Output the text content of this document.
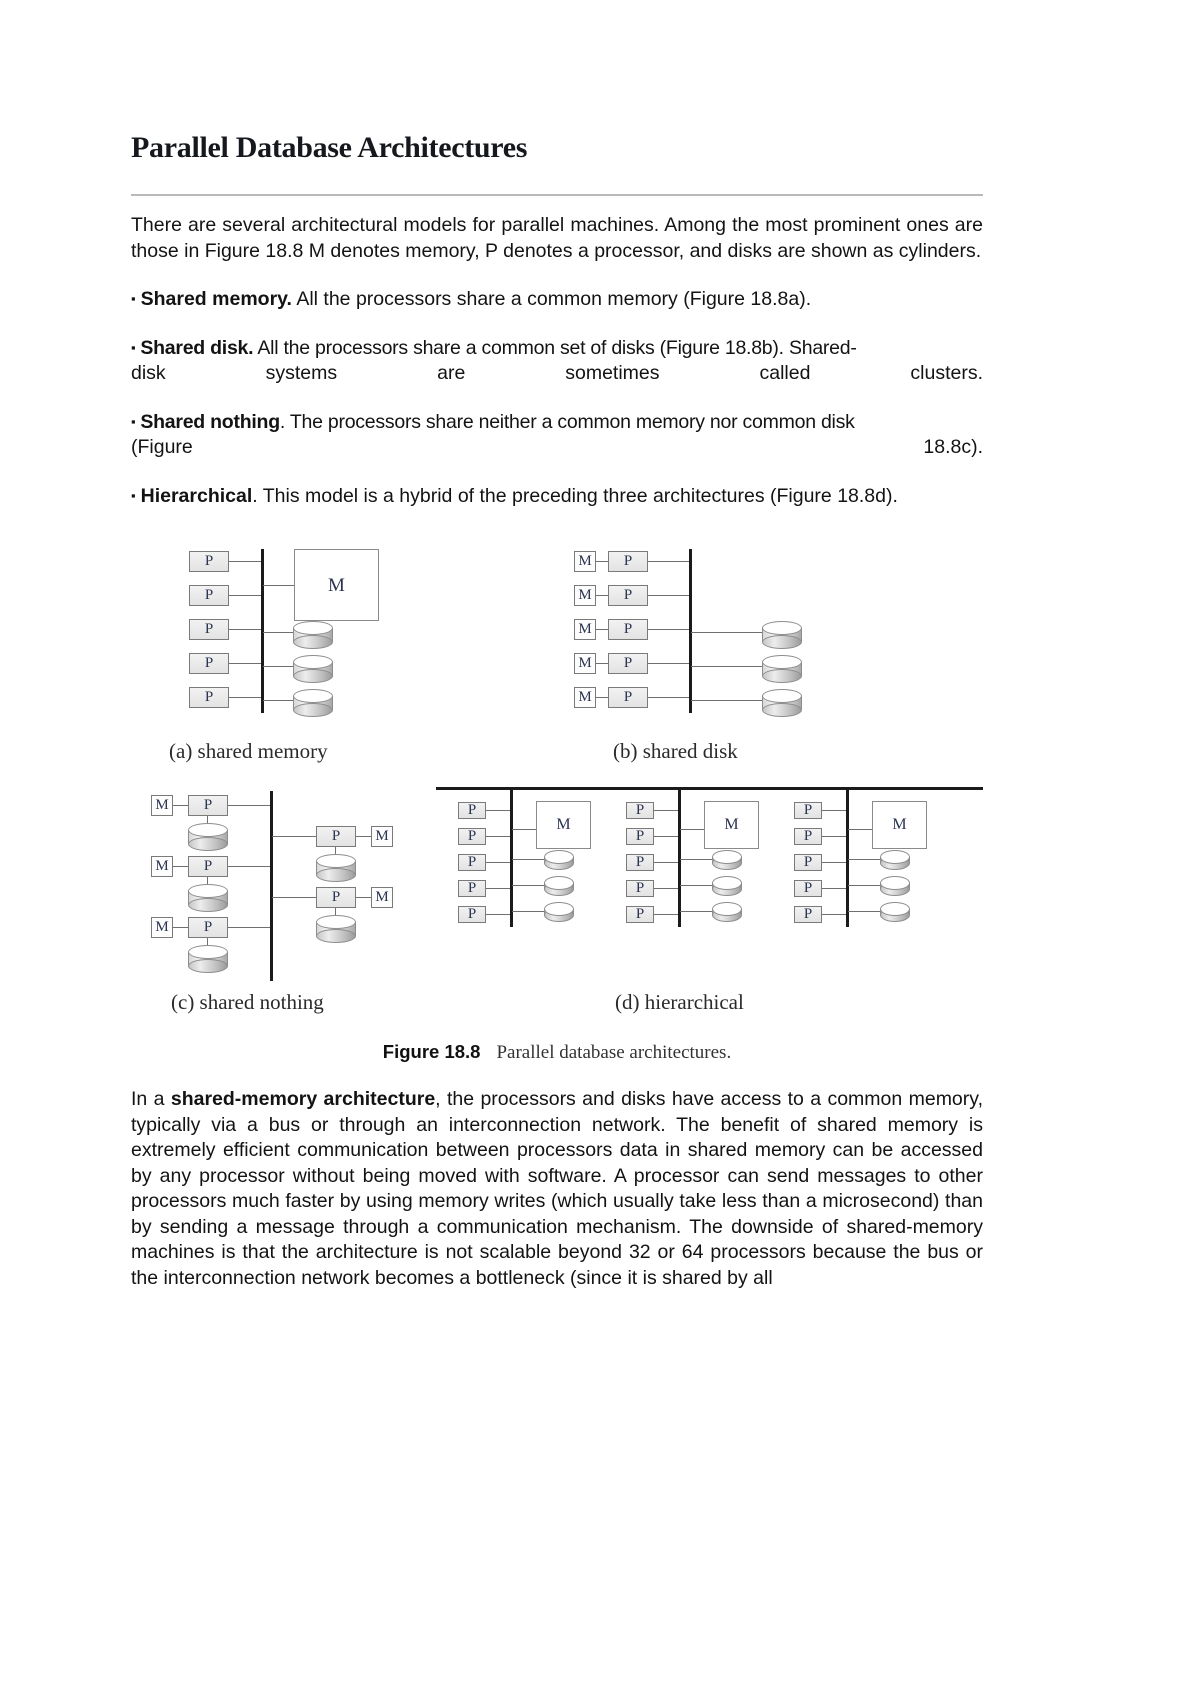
Parallel Database Architectures

There are several architectural models for parallel machines. Among the most prominent ones are those in Figure 18.8 M denotes memory, P denotes a processor, and disks are shown as cylinders.

▪ Shared memory. All the processors share a common memory (Figure 18.8a).

▪ Shared disk. All the processors share a common set of disks (Figure 18.8b). Shared-

disk	systems	are	sometimes	called	clusters.

▪ Shared nothing. The processors share neither a common memory nor common disk

(Figure	18.8c).

▪ Hierarchical. This model is a hybrid of the preceding three architectures (Figure 18.8d).

P
P
P
P
P
M
(a) shared memory
M
M
M
M
M
P
P
P
P
P
(b) shared disk
M	P
M	P
M	P
P	M
P	M
(c) shared nothing
P
P
P
P
P
M
P
P
P
P
P
M
P
P
P
P
P
M
(d) hierarchical
Figure 18.8 Parallel database architectures.

In a shared-memory architecture, the processors and disks have access to a common memory, typically via a bus or through an interconnection network. The benefit of shared memory is extremely efficient communication between processors data in shared memory can be accessed by any processor without being moved with software. A processor can send messages to other processors much faster by using memory writes (which usually take less than a microsecond) than by sending a message through a communication mechanism. The downside of shared-memory machines is that the architecture is not scalable beyond 32 or 64 processors because the bus or the interconnection network becomes a bottleneck (since it is shared by all
